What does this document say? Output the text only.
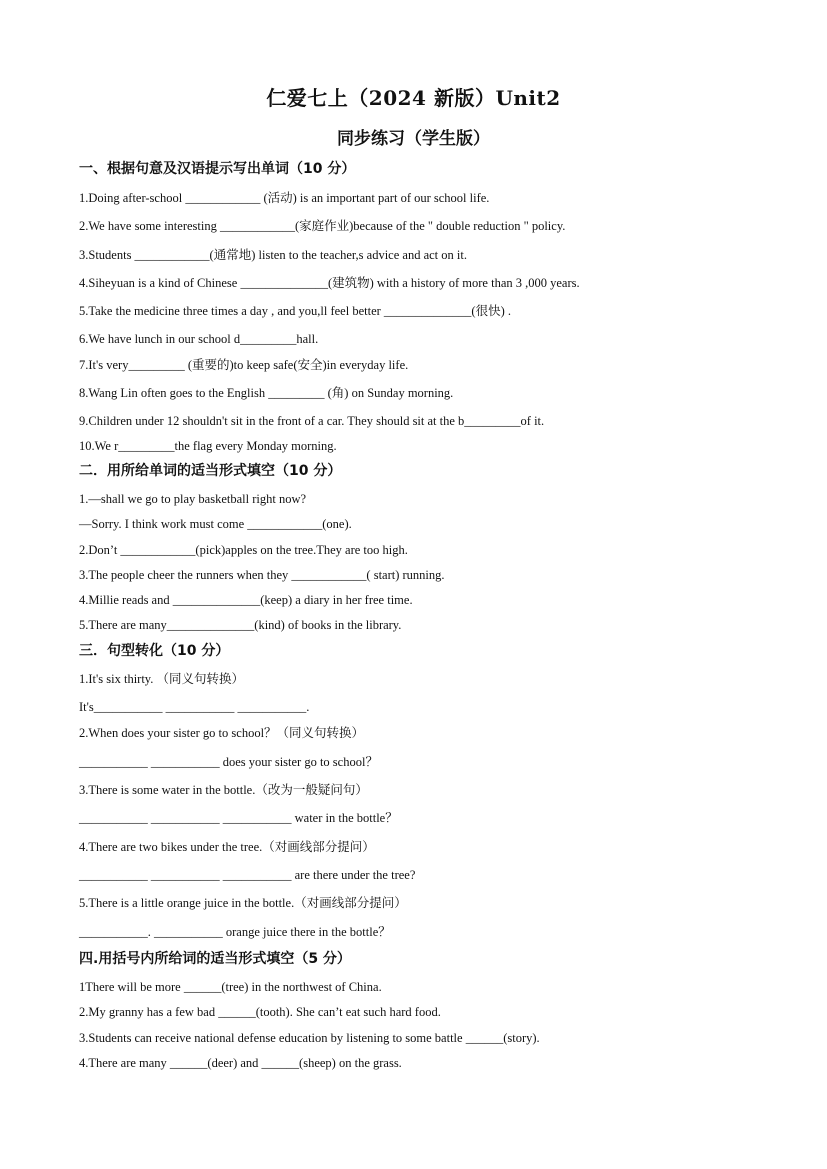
仁爱七上（2024 新版）Unit2
同步练习（学生版）
一、根据句意及汉语提示写出单词（10 分）
1.Doing after-school ____________ (活动) is an important part of our school life.
2.We have some interesting ____________(家庭作业)because of the " double reduction " policy.
3.Students ____________(通常地) listen to the teacher,s advice and act on it.
4.Siheyuan is a kind of Chinese ______________(建筑物) with a history of more than 3 ,000 years.
5.Take the medicine three times a day , and you,ll feel better ______________(很快) .
6.We have lunch in our school d_________hall.
7.It's very_________ (重要的)to keep safe(安全)in everyday life.
8.Wang Lin often goes to the English _________ (角) on Sunday morning.
9.Children under 12 shouldn't sit in the front of a car. They should sit at the b_________of it.
10.We r_________the flag every Monday morning.
二．用所给单词的适当形式填空（10 分）
1.—shall we go to play basketball right now?
—Sorry. I think work must come ____________(one).
2.Don’t ____________(pick)apples on the tree.They are too high.
3.The people cheer the runners when they ____________( start) running.
4.Millie reads and ______________(keep) a diary in her free time.
5.There are many______________(kind) of books in the library.
三．句型转化（10 分）
1.It's six thirty. （同义句转换）
It's___________ ___________ ___________.
2.When does your sister go to school？（同义句转换）
___________ ___________ does your sister go to school？
3.There is some water in the bottle.（改为一般疑问句）
___________ ___________ ___________ water in the bottle？
4.There are two bikes under the tree.（对画线部分提问）
___________ ___________ ___________ are there under the tree?
5.There is a little orange juice in the bottle.（对画线部分提问）
___________. ___________ orange juice there in the bottle？
四.用括号内所给词的适当形式填空（5 分）
1There will be more ______(tree) in the northwest of China.
2.My granny has a few bad ______(tooth). She can’t eat such hard food.
3.Students can receive national defense education by listening to some battle ______(story).
4.There are many ______(deer) and ______(sheep) on the grass.
